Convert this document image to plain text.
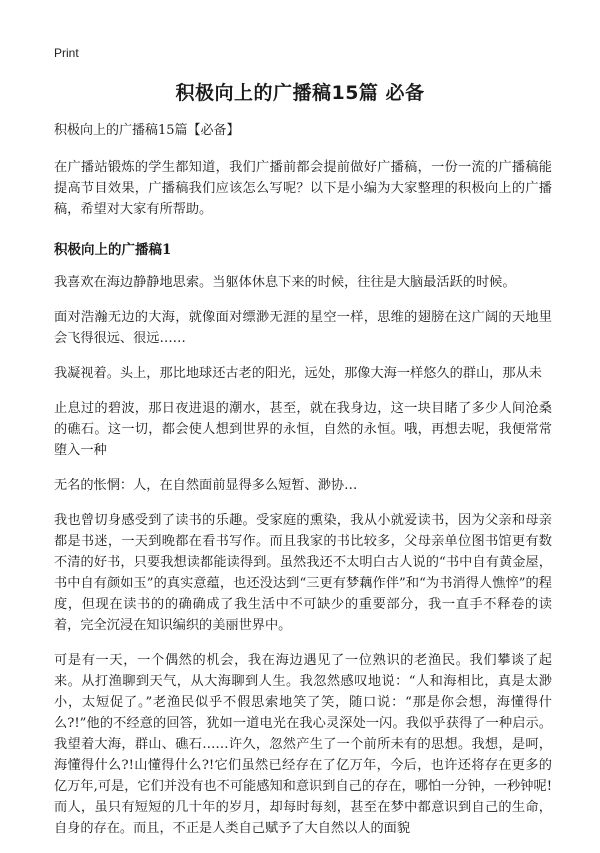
Print
积极向上的广播稿15篇 必备

积极向上的广播稿15篇【必备】

在广播站锻炼的学生都知道，我们广播前都会提前做好广播稿，一份一流的广播稿能提高节目效果，广播稿我们应该怎么写呢？以下是小编为大家整理的积极向上的广播稿，希望对大家有所帮助。

积极向上的广播稿1

我喜欢在海边静静地思索。当躯体休息下来的时候，往往是大脑最活跃的时候。

面对浩瀚无边的大海，就像面对缥渺无涯的星空一样，思维的翅膀在这广阔的天地里会飞得很远、很远……

我凝视着。头上，那比地球还古老的阳光，远处，那像大海一样悠久的群山，那从未

止息过的碧波，那日夜进退的潮水，甚至，就在我身边，这一块目睹了多少人间沧桑的礁石。这一切，都会使人想到世界的永恒，自然的永恒。哦，再想去呢，我便常常堕入一种

无名的怅惘：人，在自然面前显得多么短暂、渺协…

我也曾切身感受到了读书的乐趣。受家庭的熏染，我从小就爱读书，因为父亲和母亲都是书迷，一天到晚都在看书写作。而且我家的书比较多，父母亲单位图书馆更有数不清的好书，只要我想读都能读得到。虽然我还不太明白古人说的“书中自有黄金屋，书中自有颜如玉”的真实意蕴，也还没达到“三更有梦藕作伴”和“为书消得人憔悴”的程度，但现在读书的的确确成了我生活中不可缺少的重要部分，我一直手不释卷的读着，完全沉浸在知识编织的美丽世界中。

可是有一天，一个偶然的机会，我在海边遇见了一位熟识的老渔民。我们攀谈了起来。从打渔聊到天气，从大海聊到人生。我忽然感叹地说：“人和海相比，真是太渺小，太短促了。”老渔民似乎不假思索地笑了笑，随口说：“那是你会想，海懂得什么?!”他的不经意的回答，犹如一道电光在我心灵深处一闪。我似乎获得了一种启示。我望着大海，群山、礁石……许久，忽然产生了一个前所未有的思想。我想，是呵，海懂得什么?!山懂得什么?!它们虽然已经存在了亿万年，今后，也许还将存在更多的亿万年,可是，它们并没有也不可能感知和意识到自己的存在，哪怕一分钟，一秒钟呢!而人，虽只有短短的几十年的岁月，却每时每刻，甚至在梦中都意识到自己的生命，自身的存在。而且，不正是人类自己赋予了大自然以人的面貌
